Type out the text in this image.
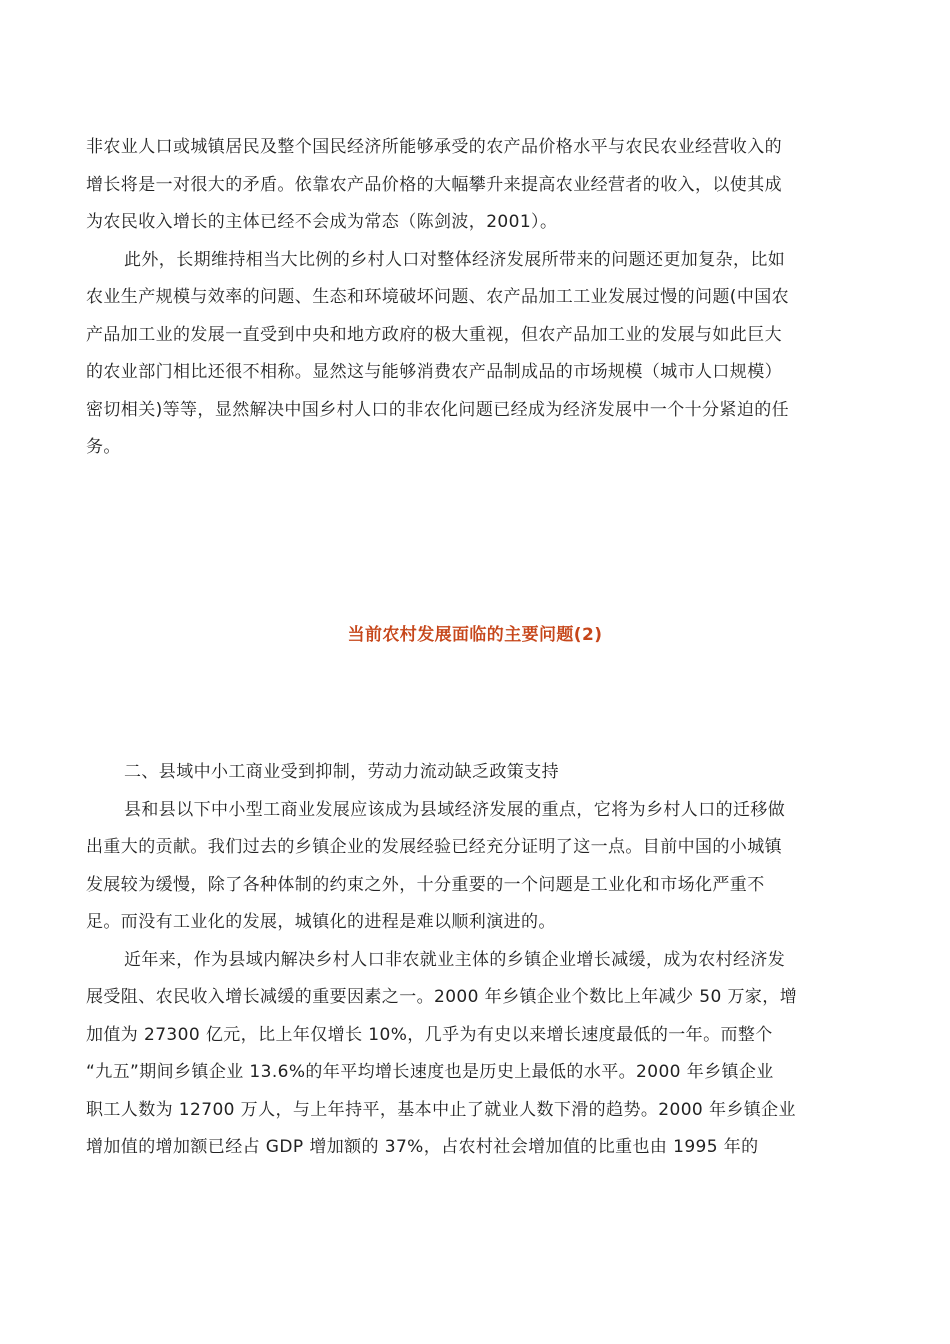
非农业人口或城镇居民及整个国民经济所能够承受的农产品价格水平与农民农业经营收入的
增长将是一对很大的矛盾。依靠农产品价格的大幅攀升来提高农业经营者的收入，以使其成
为农民收入增长的主体已经不会成为常态（陈剑波，2001）。
此外，长期维持相当大比例的乡村人口对整体经济发展所带来的问题还更加复杂，比如
农业生产规模与效率的问题、生态和环境破坏问题、农产品加工工业发展过慢的问题(中国农
产品加工业的发展一直受到中央和地方政府的极大重视，但农产品加工业的发展与如此巨大
的农业部门相比还很不相称。显然这与能够消费农产品制成品的市场规模（城市人口规模）
密切相关)等等，显然解决中国乡村人口的非农化问题已经成为经济发展中一个十分紧迫的任
务。
当前农村发展面临的主要问题(2)
二、县域中小工商业受到抑制，劳动力流动缺乏政策支持
县和县以下中小型工商业发展应该成为县域经济发展的重点，它将为乡村人口的迁移做
出重大的贡献。我们过去的乡镇企业的发展经验已经充分证明了这一点。目前中国的小城镇
发展较为缓慢，除了各种体制的约束之外，十分重要的一个问题是工业化和市场化严重不
足。而没有工业化的发展，城镇化的进程是难以顺利演进的。
近年来，作为县域内解决乡村人口非农就业主体的乡镇企业增长减缓，成为农村经济发
展受阻、农民收入增长减缓的重要因素之一。2000 年乡镇企业个数比上年减少 50 万家，增
加值为 27300 亿元，比上年仅增长 10%，几乎为有史以来增长速度最低的一年。而整个
“九五”期间乡镇企业 13.6%的年平均增长速度也是历史上最低的水平。2000 年乡镇企业
职工人数为 12700 万人，与上年持平，基本中止了就业人数下滑的趋势。2000 年乡镇企业
增加值的增加额已经占 GDP 增加额的 37%，占农村社会增加值的比重也由 1995 年的
